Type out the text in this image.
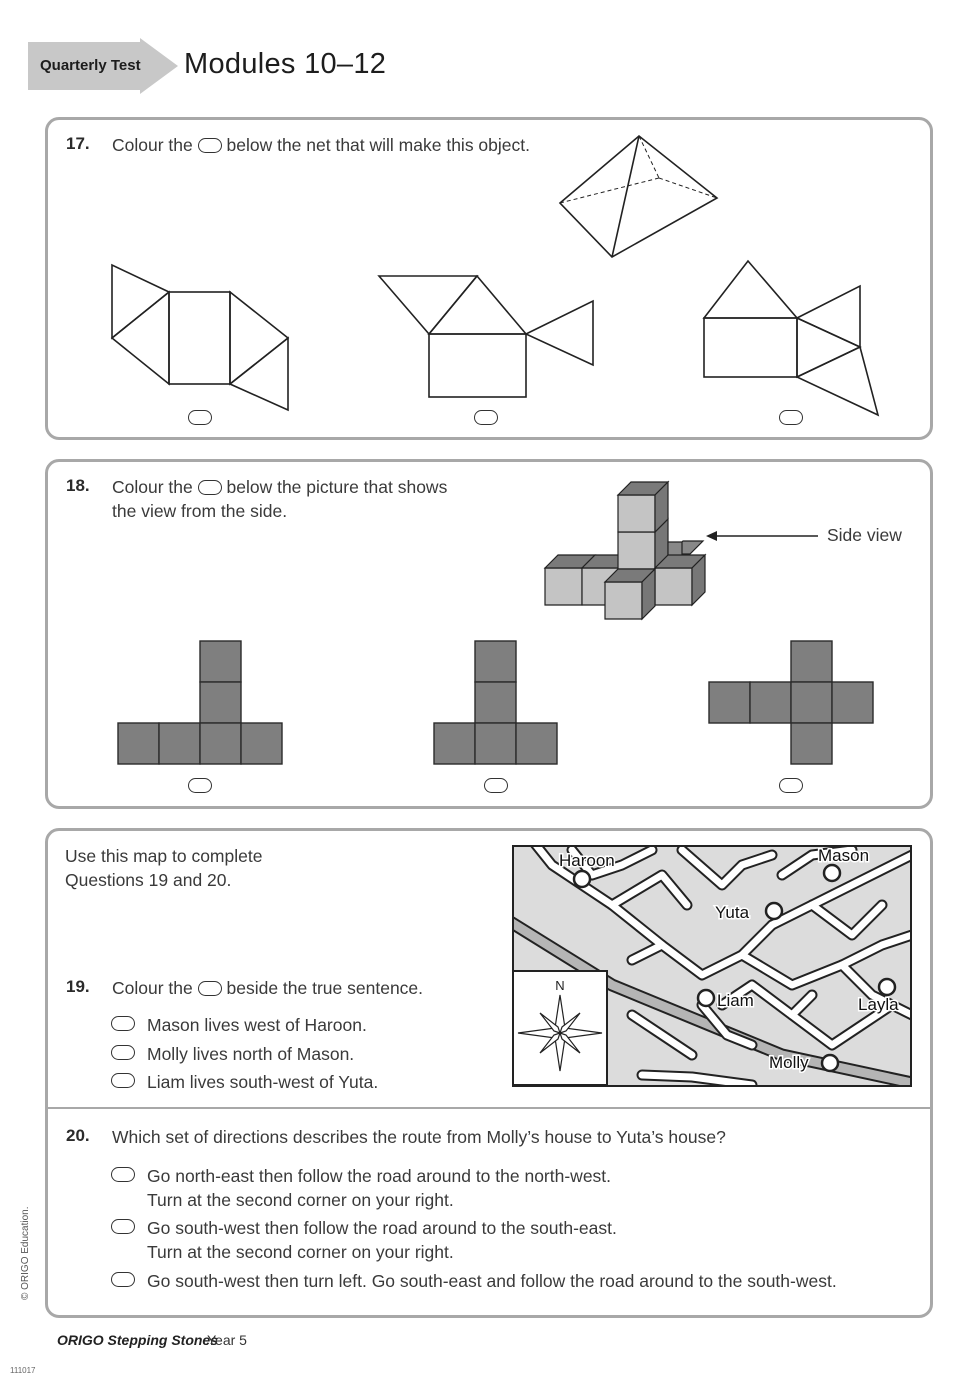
Quarterly Test Modules 10–12
17. Colour the below the net that will make this object.
18. Colour the below the picture that shows
the view from the side.
Side view
Use this map to complete
Questions 19 and 20.
N
Haroon	Mason
Yuta
Liam	Layla
Molly
19. Colour the beside the true sentence.
Mason lives west of Haroon.
Molly lives north of Mason.
Liam lives south-west of Yuta.
20. Which set of directions describes the route from Molly’s house to Yuta’s house?
Go north-east then follow the road around to the north-west.
Turn at the second corner on your right.
Go south-west then follow the road around to the south-east.
Turn at the second corner on your right.
Go south-west then turn left. Go south-east and follow the road around to the south-west.
ORIGO Stepping Stones
Year 5
© ORIGO Education.
111017
